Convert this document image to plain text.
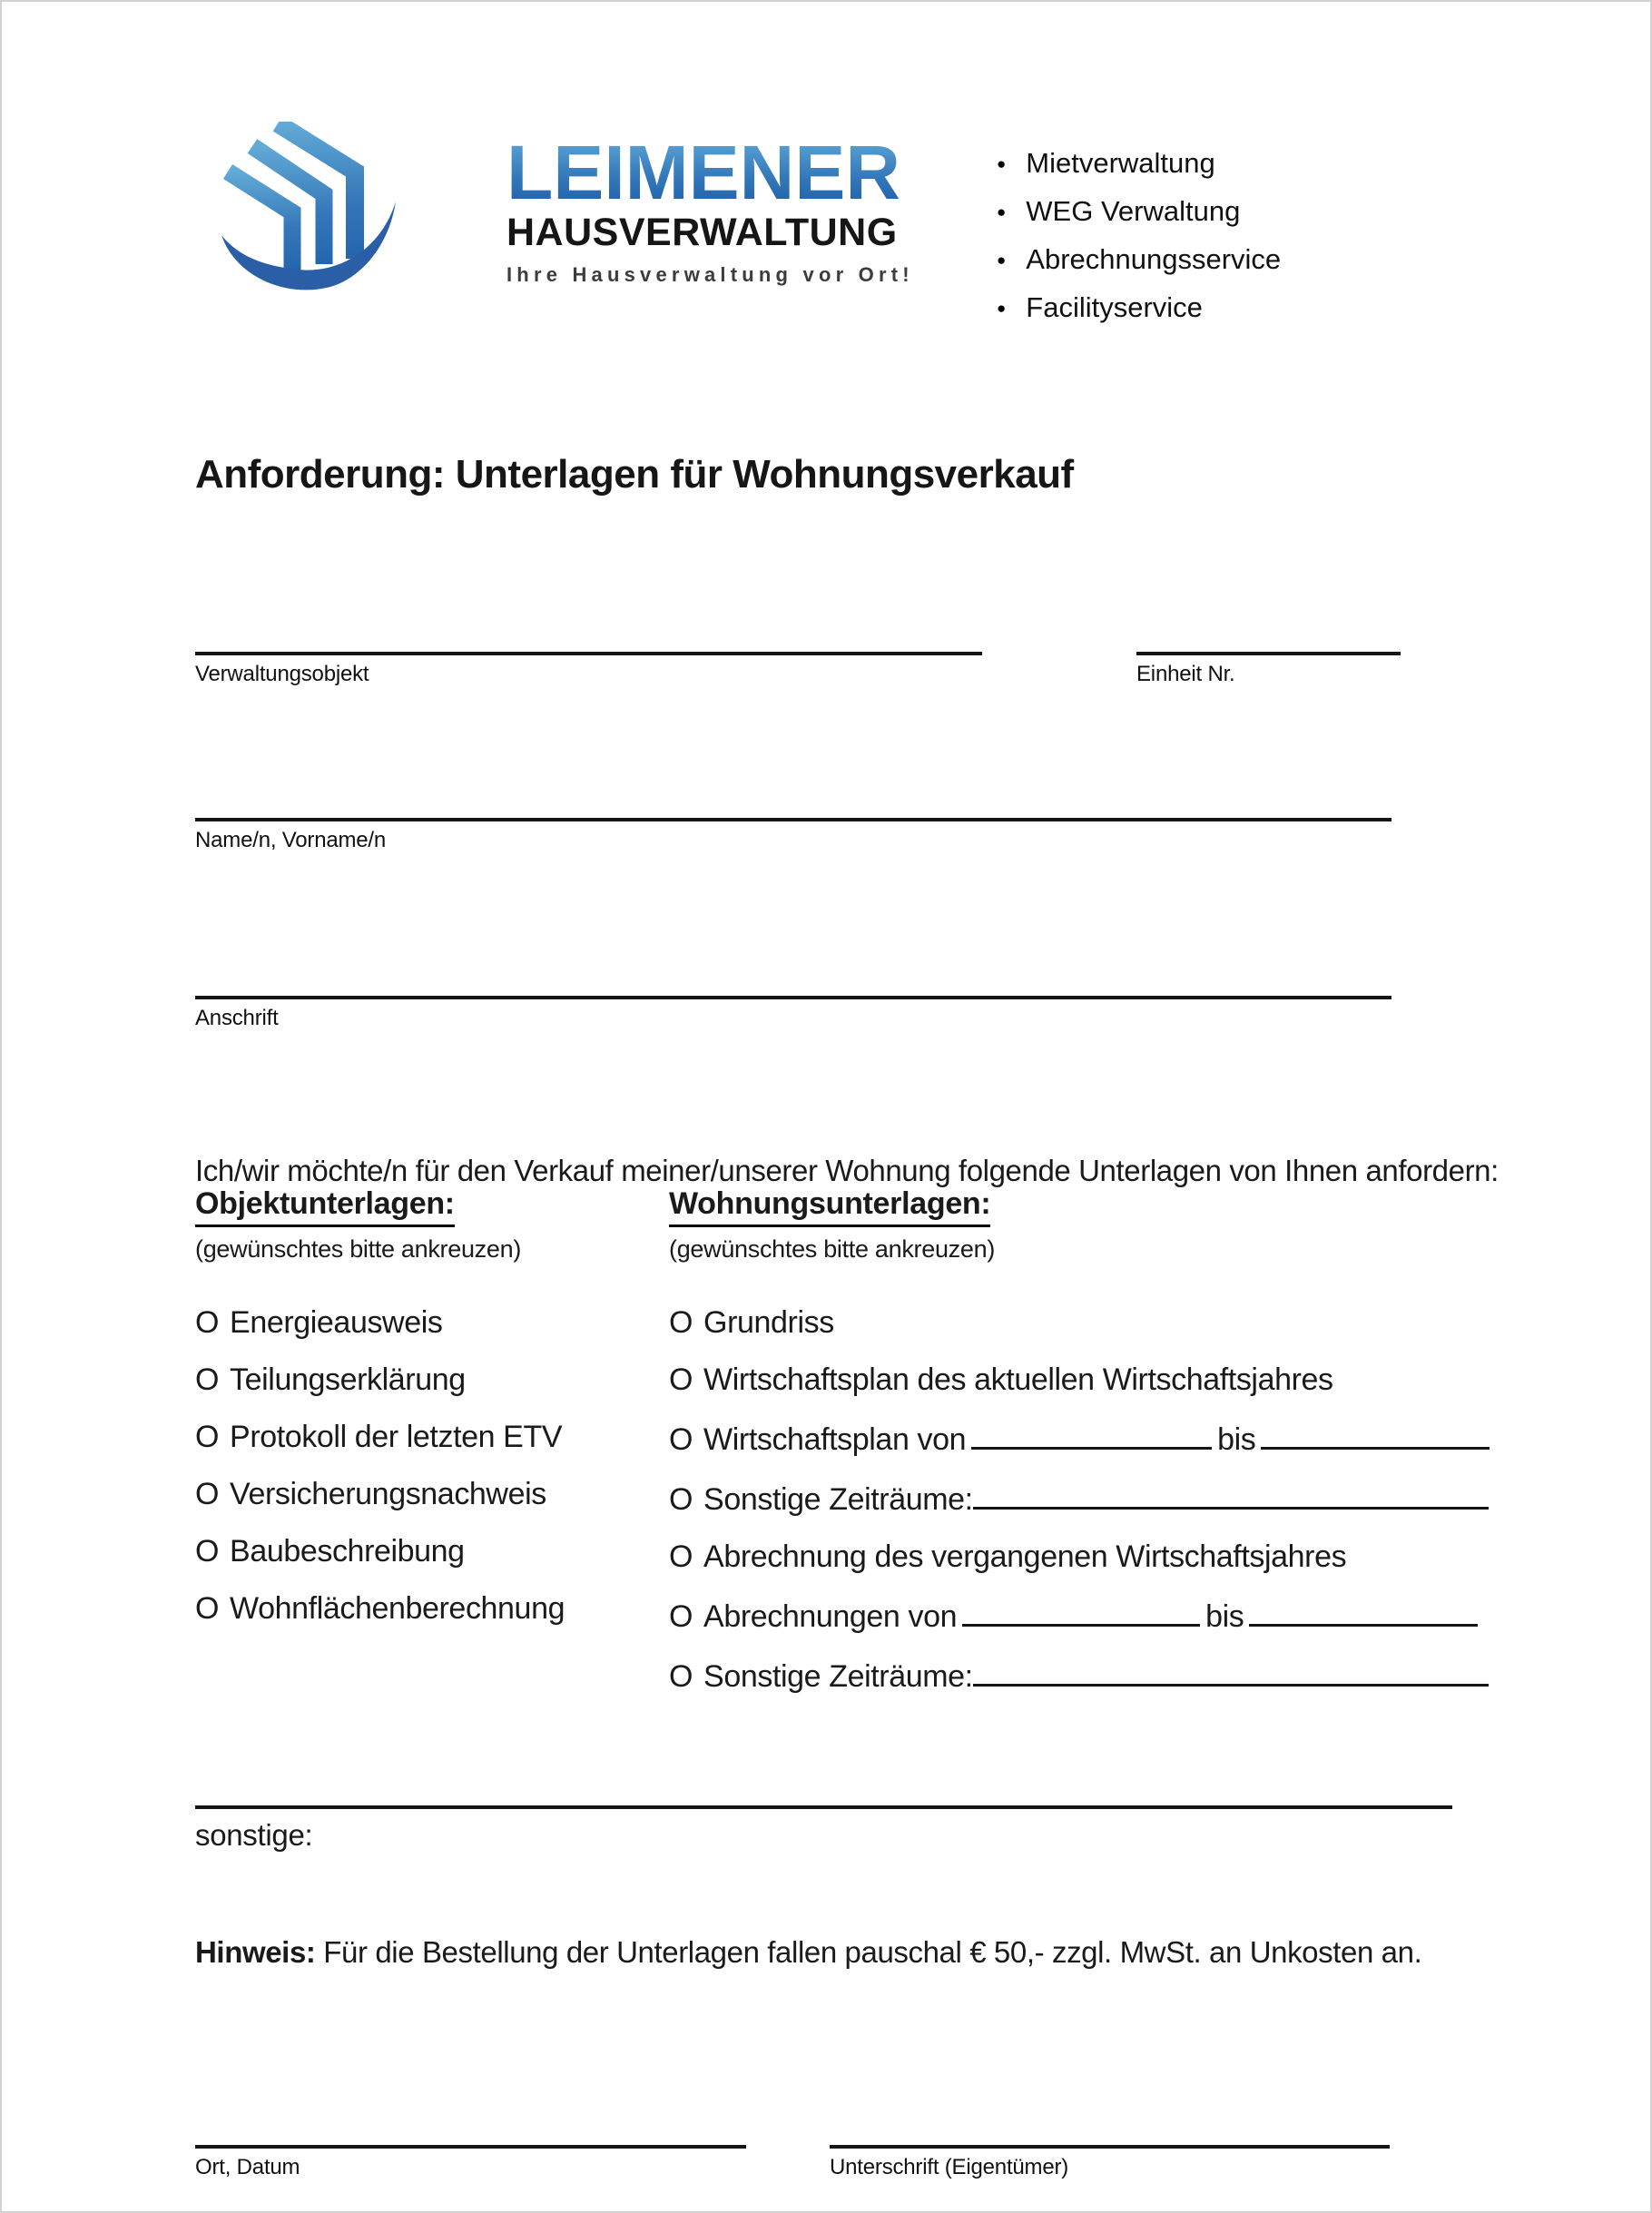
LEIMENER
HAUSVERWALTUNG
Ihre Hausverwaltung vor Ort!
● Mietverwaltung
● WEG Verwaltung
● Abrechnungsservice
● Facilityservice
Anforderung: Unterlagen für Wohnungsverkauf
Verwaltungsobjekt	Einheit Nr.
Name/n, Vorname/n
Anschrift

Ich/wir möchte/n für den Verkauf meiner/unserer Wohnung folgende Unterlagen von Ihnen anfordern:

Objektunterlagen:
(gewünschtes bitte ankreuzen)
O Energieausweis
O Teilungserklärung
O Protokoll der letzten ETV
O Versicherungsnachweis
O Baubeschreibung
O Wohnflächenberechnung
Wohnungsunterlagen:
(gewünschtes bitte ankreuzen)
O Grundriss
O Wirtschaftsplan des aktuellen Wirtschaftsjahres
O Wirtschaftsplan von	bis
O Sonstige Zeiträume:
O Abrechnung des vergangenen Wirtschaftsjahres
O Abrechnungen von	bis
O Sonstige Zeiträume:
sonstige:

Hinweis: Für die Bestellung der Unterlagen fallen pauschal € 50,- zzgl. MwSt. an Unkosten an.

Ort, Datum	Unterschrift (Eigentümer)
